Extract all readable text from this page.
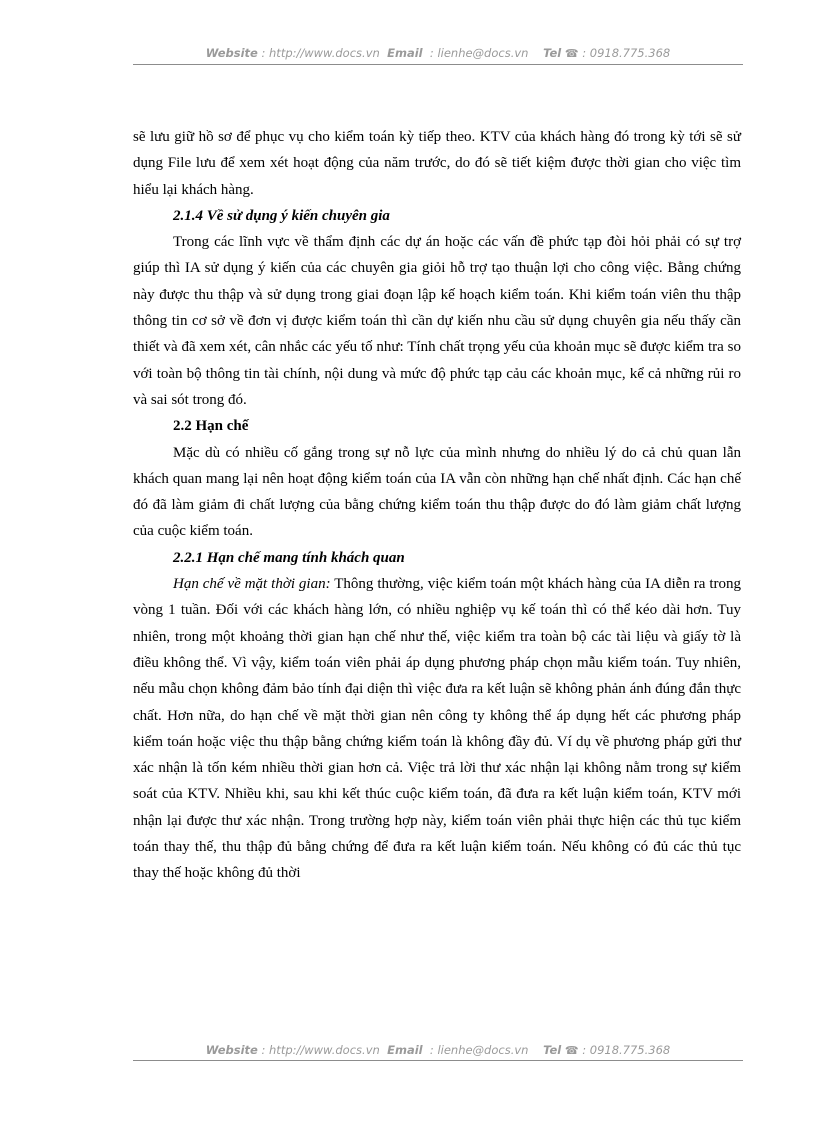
Website : http://www.docs.vn Email  : lienhe@docs.vn Tel ☎ : 0918.775.368

sẽ lưu giữ hồ sơ để phục vụ cho kiểm toán kỳ tiếp theo. KTV của khách hàng đó trong kỳ tới sẽ sử dụng File lưu để xem xét hoạt động của năm trước, do đó sẽ tiết kiệm được thời gian cho việc tìm hiểu lại khách hàng.

2.1.4 Về sử dụng ý kiến chuyên gia

Trong các lĩnh vực về thẩm định các dự án hoặc các vấn đề phức tạp đòi hỏi phải có sự trợ giúp thì IA sử dụng ý kiến của các chuyên gia giỏi hỗ trợ tạo thuận lợi cho công việc. Bằng chứng này được thu thập và sử dụng trong giai đoạn lập kế hoạch kiểm toán. Khi kiểm toán viên thu thập thông tin cơ sở về đơn vị được kiểm toán thì cần dự kiến nhu cầu sử dụng chuyên gia nếu thấy cần thiết và đã xem xét, cân nhắc các yếu tố như: Tính chất trọng yếu của khoản mục sẽ được kiểm tra so với toàn bộ thông tin tài chính, nội dung và mức độ phức tạp cảu các khoản mục, kể cả những rủi ro và sai sót trong đó.

2.2 Hạn chế

Mặc dù có nhiều cố gắng trong sự nỗ lực của mình nhưng do nhiều lý do cả chủ quan lẫn khách quan mang lại nên hoạt động kiểm toán của IA vẫn còn những hạn chế nhất định. Các hạn chế đó đã làm giảm đi chất lượng của bằng chứng kiểm toán thu thập được do đó làm giảm chất lượng của cuộc kiểm toán.

2.2.1 Hạn chế mang tính khách quan

Hạn chế về mặt thời gian: Thông thường, việc kiểm toán một khách hàng của IA diễn ra trong vòng 1 tuần. Đối với các khách hàng lớn, có nhiều nghiệp vụ kế toán thì có thể kéo dài hơn. Tuy nhiên, trong một khoảng thời gian hạn chế như thế, việc kiểm tra toàn bộ các tài liệu và giấy tờ là điều không thể. Vì vậy, kiểm toán viên phải áp dụng phương pháp chọn mẫu kiểm toán. Tuy nhiên, nếu mẫu chọn không đảm bảo tính đại diện thì việc đưa ra kết luận sẽ không phản ánh đúng đắn thực chất. Hơn nữa, do hạn chế về mặt thời gian nên công ty không thể áp dụng hết các phương pháp kiểm toán hoặc việc thu thập bằng chứng kiểm toán là không đầy đủ. Ví dụ về phương pháp gửi thư xác nhận là tốn kém nhiều thời gian hơn cả. Việc trả lời thư xác nhận lại không nằm trong sự kiểm soát của KTV. Nhiều khi, sau khi kết thúc cuộc kiểm toán, đã đưa ra kết luận kiểm toán, KTV mới nhận lại được thư xác nhận. Trong trường hợp này, kiểm toán viên phải thực hiện các thủ tục kiểm toán thay thế, thu thập đủ bằng chứng để đưa ra kết luận kiểm toán. Nếu không có đủ các thủ tục thay thế hoặc không đủ thời

Website : http://www.docs.vn Email  : lienhe@docs.vn Tel ☎ : 0918.775.368
